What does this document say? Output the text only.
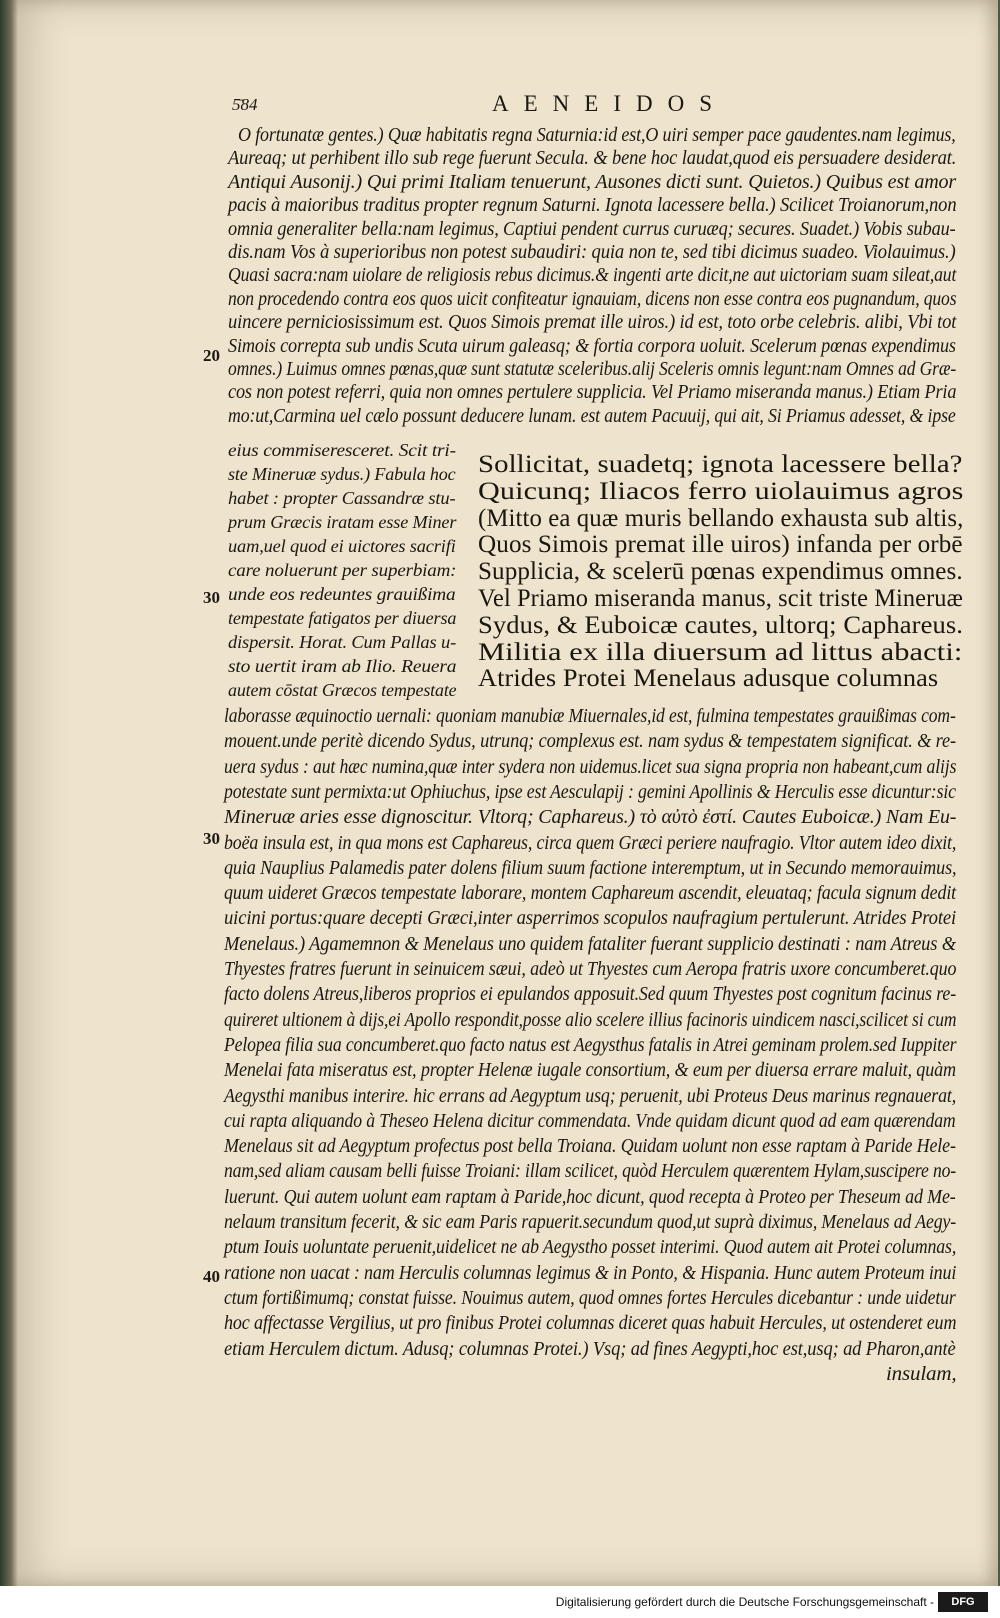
5̄84	AENEIDOS
O fortunatæ gentes.) Quæ habitatis regna Saturnia:id est,O uiri semper pace gaudentes.nam legimus,
Aureaq; ut perhibent illo sub rege fuerunt Secula. & bene hoc laudat,quod eis persuadere desiderat.
Antiqui Ausonij.) Qui primi Italiam tenuerunt, Ausones dicti sunt. Quietos.) Quibus est amor
pacis à maioribus traditus propter regnum Saturni. Ignota lacessere bella.) Scilicet Troianorum,non
omnia generaliter bella:nam legimus, Captiui pendent currus curuæq; secures. Suadet.) Vobis subau-
dis.nam Vos à superioribus non potest subaudiri: quia non te, sed tibi dicimus suadeo. Violauimus.)
Quasi sacra:nam uiolare de religiosis rebus dicimus.& ingenti arte dicit,ne aut uictoriam suam sileat,aut
non procedendo contra eos quos uicit confiteatur ignauiam, dicens non esse contra eos pugnandum, quos
uincere perniciosissimum est. Quos Simois premat ille uiros.) id est, toto orbe celebris. alibi, Vbi tot
Simois correpta sub undis Scuta uirum galeasq; & fortia corpora uoluit. Scelerum pœnas expendimus
omnes.) Luimus omnes pœnas,quæ sunt statutæ sceleribus.alij Sceleris omnis legunt:nam Omnes ad Græ-
cos non potest referri, quia non omnes pertulere supplicia. Vel Priamo miseranda manus.) Etiam Pria
mo:ut,Carmina uel cælo possunt deducere lunam. est autem Pacuuij, qui ait, Si Priamus adesset, & ipse
eius commiseresceret. Scit tri-
ste Mineruæ sydus.) Fabula hoc
habet : propter Cassandræ stu-
prum Græcis iratam esse Miner
uam,uel quod ei uictores sacrifi
care noluerunt per superbiam:
unde eos redeuntes grauißima
tempestate fatigatos per diuersa
dispersit. Horat. Cum Pallas u-
sto uertit iram ab Ilio. Reuera
autem cōstat Græcos tempestate
Sollicitat, suadetq; ignota lacessere bella?
Quicunq; Iliacos ferro uiolauimus agros
(Mitto ea quæ muris bellando exhausta sub altis,
Quos Simois premat ille uiros) infanda per orbē
Supplicia, & scelerū pœnas expendimus omnes.
Vel Priamo miseranda manus, scit triste Mineruæ
Sydus, & Euboicæ cautes, ultorq; Caphareus.
Militia ex illa diuersum ad littus abacti:
Atrides Protei Menelaus adusque columnas
laborasse æquinoctio uernali: quoniam manubiæ Miuernales,id est, fulmina tempestates grauißimas com-
mouent.unde peritè dicendo Sydus, utrunq; complexus est. nam sydus & tempestatem significat. & re-
uera sydus : aut hæc numina,quæ inter sydera non uidemus.licet sua signa propria non habeant,cum alijs
potestate sunt permixta:ut Ophiuchus, ipse est Aesculapij : gemini Apollinis & Herculis esse dicuntur:sic
Mineruæ aries esse dignoscitur. Vltorq; Caphareus.) τὸ αὐτὸ ἐστί. Cautes Euboicæ.) Nam Eu-
boëa insula est, in qua mons est Caphareus, circa quem Græci periere naufragio. Vltor autem ideo dixit,
quia Nauplius Palamedis pater dolens filium suum factione interemptum, ut in Secundo memorauimus,
quum uideret Græcos tempestate laborare, montem Caphareum ascendit, eleuataq; facula signum dedit
uicini portus:quare decepti Græci,inter asperrimos scopulos naufragium pertulerunt. Atrides Protei
Menelaus.) Agamemnon & Menelaus uno quidem fataliter fuerant supplicio destinati : nam Atreus &
Thyestes fratres fuerunt in seinuicem sæui, adeò ut Thyestes cum Aeropa fratris uxore concumberet.quo
facto dolens Atreus,liberos proprios ei epulandos apposuit.Sed quum Thyestes post cognitum facinus re-
quireret ultionem à dijs,ei Apollo respondit,posse alio scelere illius facinoris uindicem nasci,scilicet si cum
Pelopea filia sua concumberet.quo facto natus est Aegysthus fatalis in Atrei geminam prolem.sed Iuppiter
Menelai fata miseratus est, propter Helenæ iugale consortium, & eum per diuersa errare maluit, quàm
Aegysthi manibus interire. hic errans ad Aegyptum usq; peruenit, ubi Proteus Deus marinus regnauerat,
cui rapta aliquando à Theseo Helena dicitur commendata. Vnde quidam dicunt quod ad eam quærendam
Menelaus sit ad Aegyptum profectus post bella Troiana. Quidam uolunt non esse raptam à Paride Hele-
nam,sed aliam causam belli fuisse Troiani: illam scilicet, quòd Herculem quærentem Hylam,suscipere no-
luerunt. Qui autem uolunt eam raptam à Paride,hoc dicunt, quod recepta à Proteo per Theseum ad Me-
nelaum transitum fecerit, & sic eam Paris rapuerit.secundum quod,ut suprà diximus, Menelaus ad Aegy-
ptum Iouis uoluntate peruenit,uidelicet ne ab Aegystho posset interimi. Quod autem ait Protei columnas,
ratione non uacat : nam Herculis columnas legimus & in Ponto, & Hispania. Hunc autem Proteum inui
ctum fortißimumq; constat fuisse. Nouimus autem, quod omnes fortes Hercules dicebantur : unde uidetur
hoc affectasse Vergilius, ut pro finibus Protei columnas diceret quas habuit Hercules, ut ostenderet eum
etiam Herculem dictum. Adusq; columnas Protei.) Vsq; ad fines Aegypti,hoc est,usq; ad Pharon,antè
insulam,
20
30
30
40
Digitalisierung gefördert durch die Deutsche Forschungsgemeinschaft -	DFG
